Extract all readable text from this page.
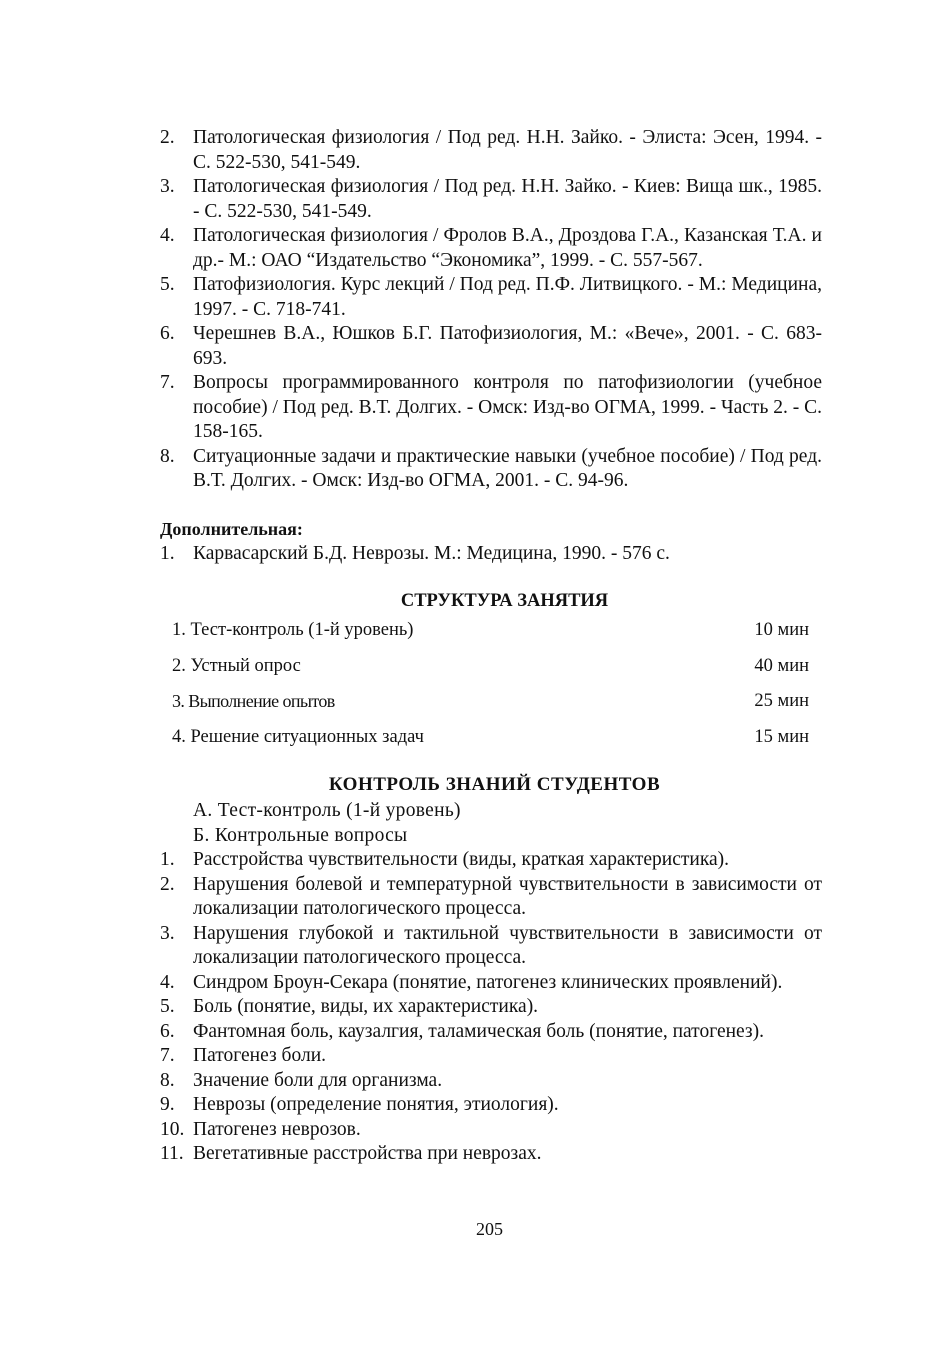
2. Патологическая физиология / Под ред. Н.Н. Зайко. - Элиста: Эсен, 1994. - С. 522-530, 541-549.
3. Патологическая физиология / Под ред. Н.Н. Зайко. - Киев: Вища шк., 1985. - С. 522-530, 541-549.
4. Патологическая физиология / Фролов В.А., Дроздова Г.А., Казанская Т.А. и др.- М.: ОАО “Издательство “Экономика”, 1999. - С. 557-567.
5. Патофизиология. Курс лекций / Под ред. П.Ф. Литвицкого. - М.: Медицина, 1997. - С. 718-741.
6. Черешнев В.А., Юшков Б.Г. Патофизиология, М.: «Вече», 2001. - С. 683-693.
7. Вопросы программированного контроля по патофизиологии (учебное пособие) / Под ред. В.Т. Долгих. - Омск: Изд-во ОГМА, 1999. - Часть 2. - С. 158-165.
8. Ситуационные задачи и практические навыки (учебное пособие) / Под ред. В.Т. Долгих. - Омск: Изд-во ОГМА, 2001. - С. 94-96.
Дополнительная:
1. Карвасарский Б.Д. Неврозы. М.: Медицина, 1990. - 576 с.
СТРУКТУРА ЗАНЯТИЯ
1. Тест-контроль (1-й уровень)	10 мин
2. Устный опрос	40 мин
3. Выполнение опытов	25 мин
4. Решение ситуационных задач	15 мин
КОНТРОЛЬ ЗНАНИЙ СТУДЕНТОВ
А. Тест-контроль (1-й уровень)
Б. Контрольные вопросы
1. Расстройства чувствительности (виды, краткая характеристика).
2. Нарушения болевой и температурной чувствительности в зависимости от локализации патологического процесса.
3. Нарушения глубокой и тактильной чувствительности в зависимости от локализации патологического процесса.
4. Синдром Броун-Секара (понятие, патогенез клинических проявлений).
5. Боль (понятие, виды, их характеристика).
6. Фантомная боль, каузалгия, таламическая боль (понятие, патогенез).
7. Патогенез боли.
8. Значение боли для организма.
9. Неврозы (определение понятия, этиология).
10. Патогенез неврозов.
11. Вегетативные расстройства при неврозах.
205
